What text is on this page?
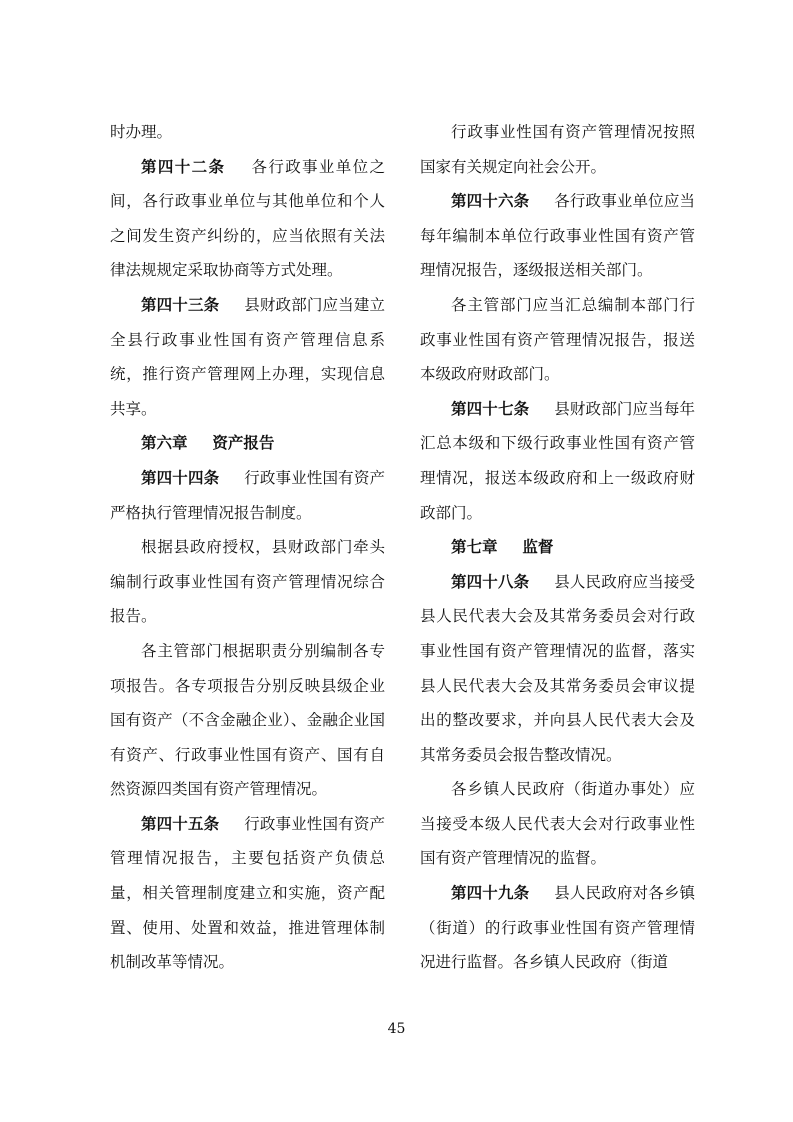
时办理。

第四十二条 各行政事业单位之间，各行政事业单位与其他单位和个人之间发生资产纠纷的，应当依照有关法律法规规定采取协商等方式处理。

第四十三条 县财政部门应当建立全县行政事业性国有资产管理信息系统，推行资产管理网上办理，实现信息共享。

第六章 资产报告

第四十四条 行政事业性国有资产严格执行管理情况报告制度。

根据县政府授权，县财政部门牵头编制行政事业性国有资产管理情况综合报告。

各主管部门根据职责分别编制各专项报告。各专项报告分别反映县级企业国有资产（不含金融企业）、金融企业国有资产、行政事业性国有资产、国有自然资源四类国有资产管理情况。

第四十五条 行政事业性国有资产管理情况报告，主要包括资产负债总量，相关管理制度建立和实施，资产配置、使用、处置和效益，推进管理体制机制改革等情况。

行政事业性国有资产管理情况按照国家有关规定向社会公开。

第四十六条 各行政事业单位应当每年编制本单位行政事业性国有资产管理情况报告，逐级报送相关部门。

各主管部门应当汇总编制本部门行政事业性国有资产管理情况报告，报送本级政府财政部门。

第四十七条 县财政部门应当每年汇总本级和下级行政事业性国有资产管理情况，报送本级政府和上一级政府财政部门。

第七章 监督

第四十八条 县人民政府应当接受县人民代表大会及其常务委员会对行政事业性国有资产管理情况的监督，落实县人民代表大会及其常务委员会审议提出的整改要求，并向县人民代表大会及其常务委员会报告整改情况。

各乡镇人民政府（街道办事处）应当接受本级人民代表大会对行政事业性国有资产管理情况的监督。

第四十九条 县人民政府对各乡镇（街道）的行政事业性国有资产管理情况进行监督。各乡镇人民政府（街道

45
